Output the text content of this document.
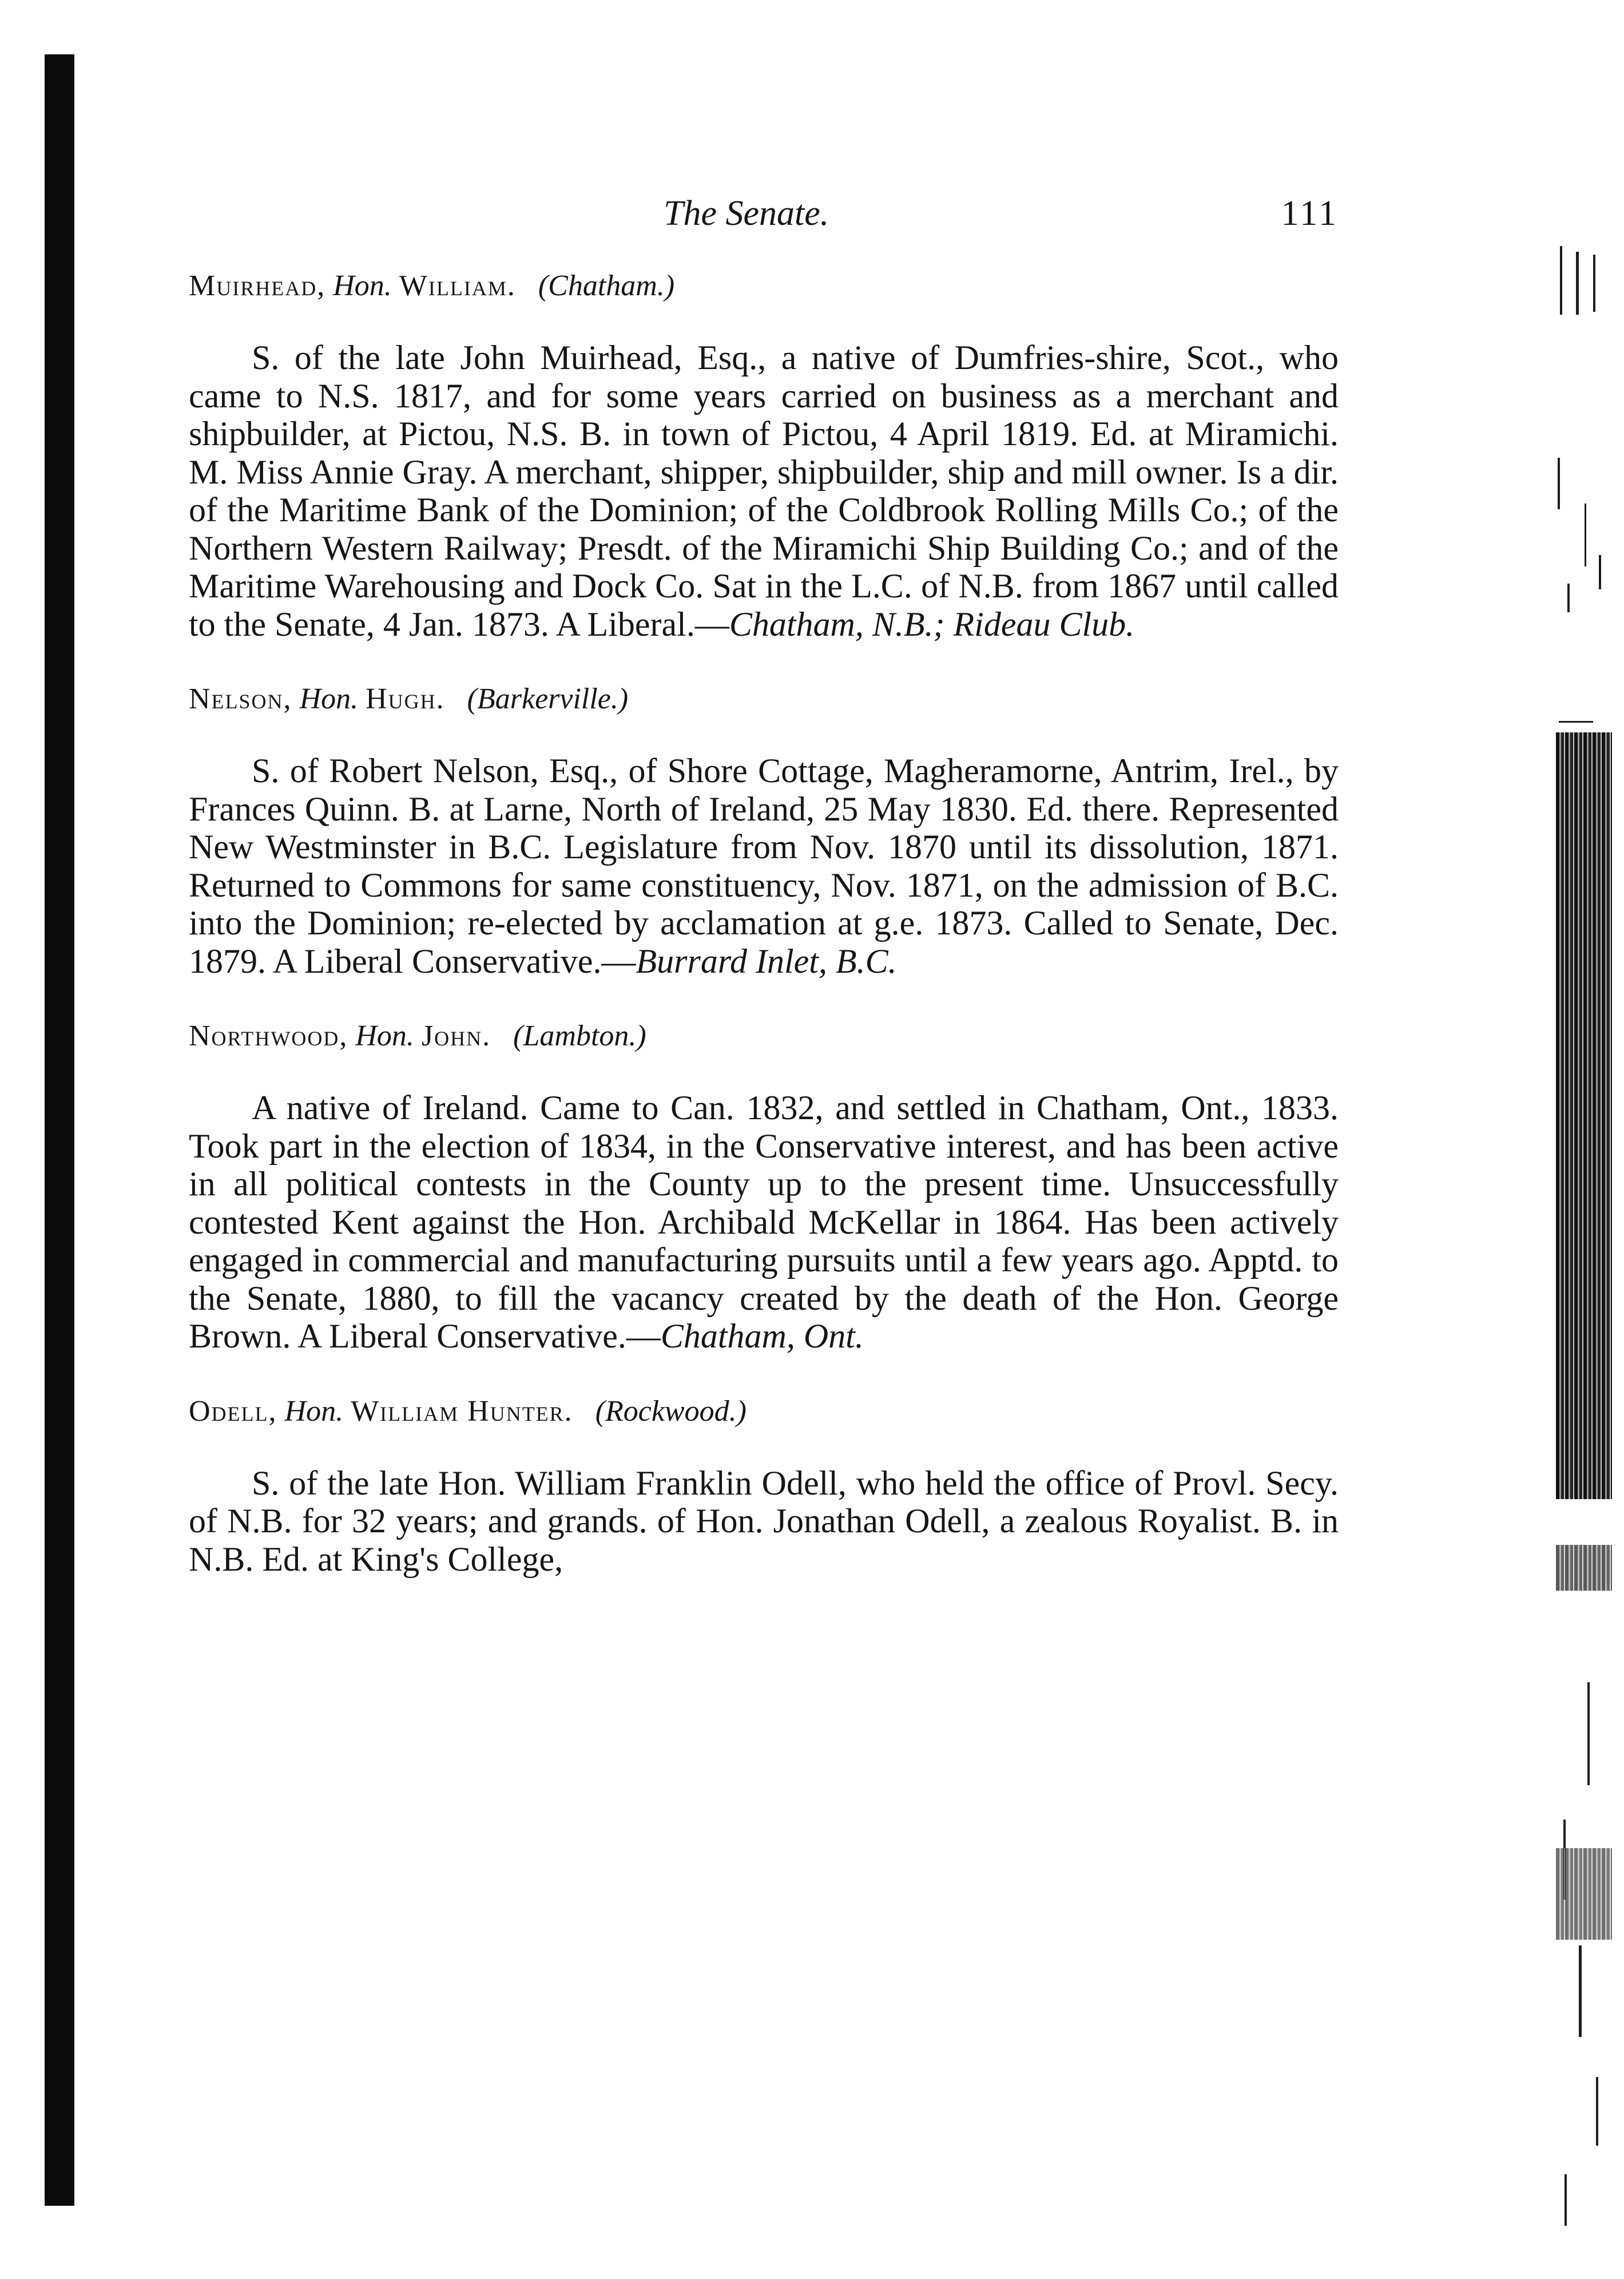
The Senate.	111
Muirhead, Hon. William. (Chatham.)

S. of the late John Muirhead, Esq., a native of Dumfries-shire, Scot., who came to N.S. 1817, and for some years carried on business as a merchant and shipbuilder, at Pictou, N.S. B. in town of Pictou, 4 April 1819. Ed. at Miramichi. M. Miss Annie Gray. A merchant, shipper, shipbuilder, ship and mill owner. Is a dir. of the Maritime Bank of the Dominion; of the Coldbrook Rolling Mills Co.; of the Northern Western Railway; Presdt. of the Miramichi Ship Building Co.; and of the Maritime Warehousing and Dock Co. Sat in the L.C. of N.B. from 1867 until called to the Senate, 4 Jan. 1873. A Liberal.—Chatham, N.B.; Rideau Club.

Nelson, Hon. Hugh. (Barkerville.)

S. of Robert Nelson, Esq., of Shore Cottage, Magheramorne, Antrim, Irel., by Frances Quinn. B. at Larne, North of Ireland, 25 May 1830. Ed. there. Represented New Westminster in B.C. Legislature from Nov. 1870 until its dissolution, 1871. Returned to Commons for same constituency, Nov. 1871, on the admission of B.C. into the Dominion; re-elected by acclamation at g.e. 1873. Called to Senate, Dec. 1879. A Liberal Conservative.—Burrard Inlet, B.C.

Northwood, Hon. John. (Lambton.)

A native of Ireland. Came to Can. 1832, and settled in Chatham, Ont., 1833. Took part in the election of 1834, in the Conservative interest, and has been active in all political contests in the County up to the present time. Unsuccessfully contested Kent against the Hon. Archibald McKellar in 1864. Has been actively engaged in commercial and manufacturing pursuits until a few years ago. Apptd. to the Senate, 1880, to fill the vacancy created by the death of the Hon. George Brown. A Liberal Conservative.—Chatham, Ont.

Odell, Hon. William Hunter. (Rockwood.)

S. of the late Hon. William Franklin Odell, who held the office of Provl. Secy. of N.B. for 32 years; and grands. of Hon. Jonathan Odell, a zealous Royalist. B. in N.B. Ed. at King's College,
